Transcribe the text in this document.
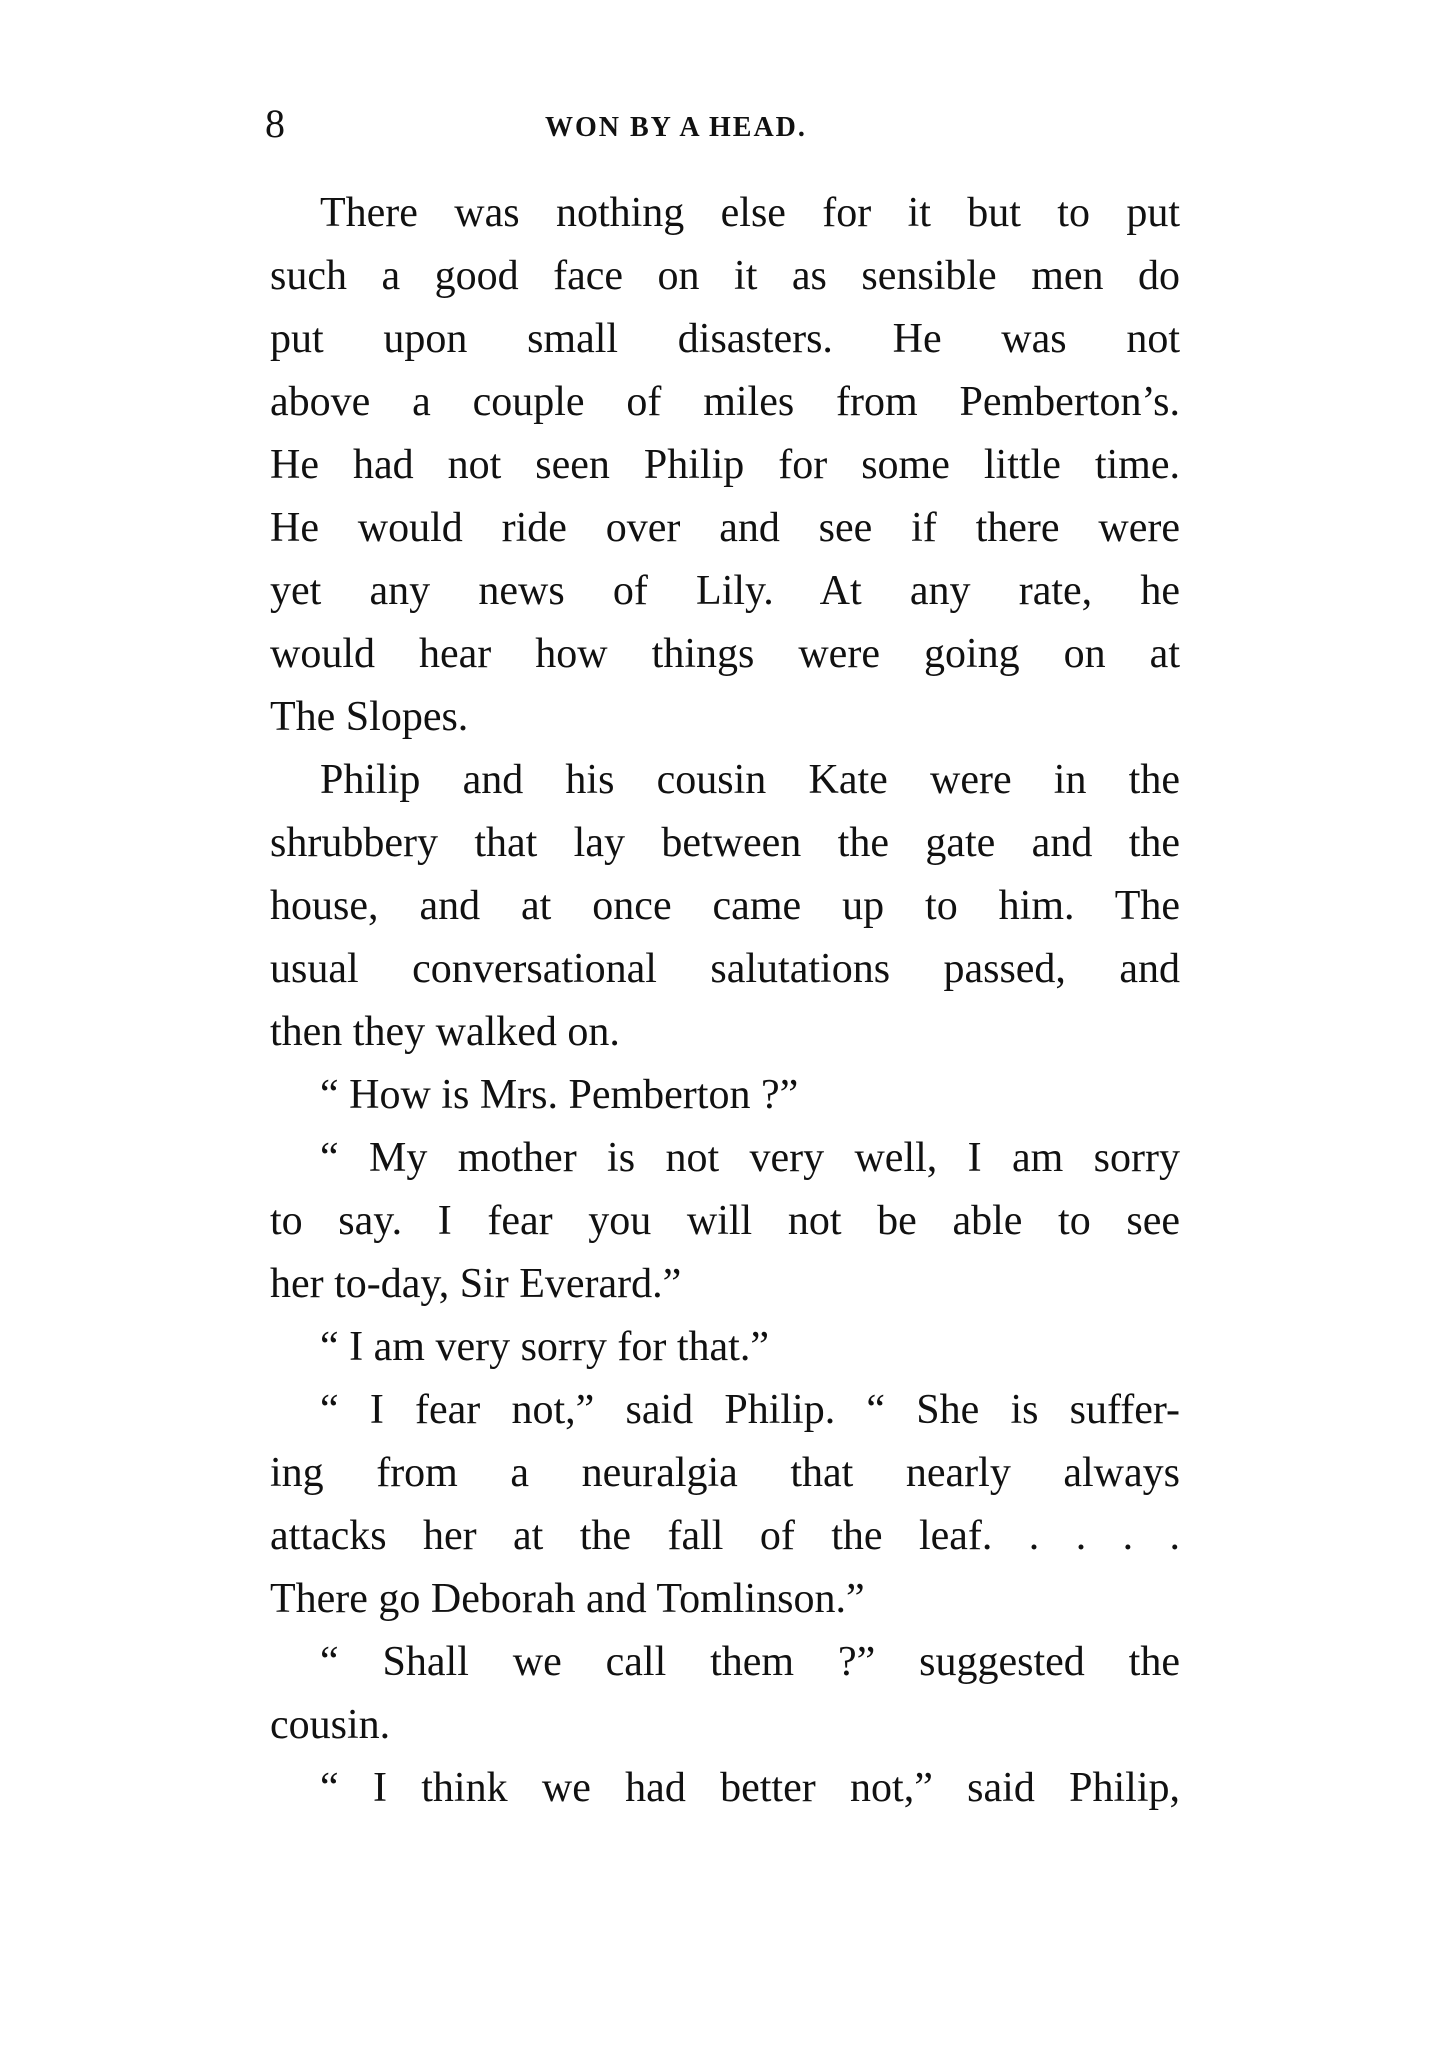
8	WON BY A HEAD.
There was nothing else for it but to put
such a good face on it as sensible men do
put upon small disasters. He was not
above a couple of miles from Pemberton’s.
He had not seen Philip for some little time.
He would ride over and see if there were
yet any news of Lily. At any rate, he
would hear how things were going on at
The Slopes.
Philip and his cousin Kate were in the
shrubbery that lay between the gate and the
house, and at once came up to him. The
usual conversational salutations passed, and
then they walked on.
“ How is Mrs. Pemberton ?”
“ My mother is not very well, I am sorry
to say. I fear you will not be able to see
her to-day, Sir Everard.”
“ I am very sorry for that.”
“ I fear not,” said Philip. “ She is suffer-
ing from a neuralgia that nearly always
attacks her at the fall of the leaf. . . . .
There go Deborah and Tomlinson.”
“ Shall we call them ?” suggested the
cousin.
“ I think we had better not,” said Philip,
